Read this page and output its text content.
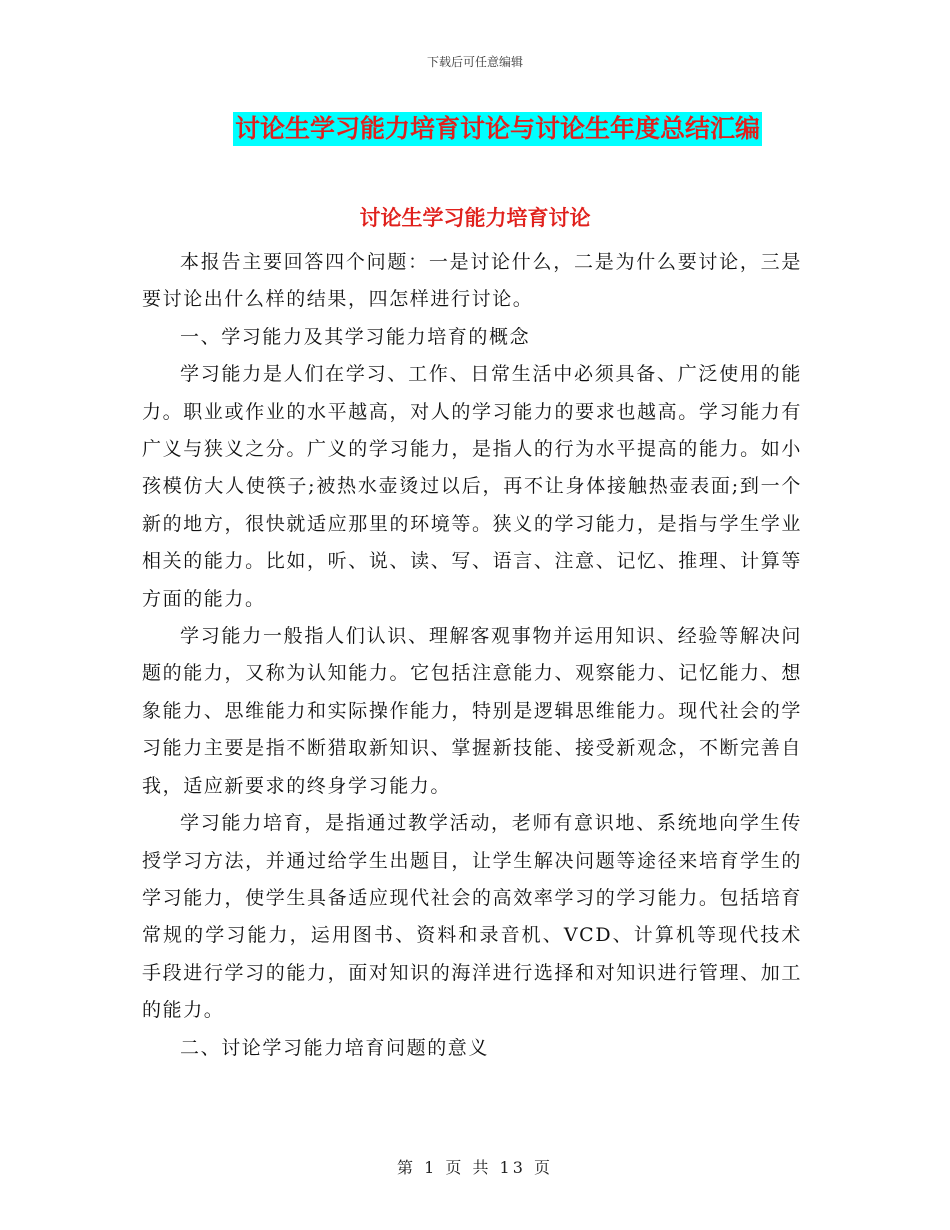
下载后可任意编辑
讨论生学习能力培育讨论与讨论生年度总结汇编
讨论生学习能力培育讨论

本报告主要回答四个问题：一是讨论什么，二是为什么要讨论，三是要讨论出什么样的结果，四怎样进行讨论。

一、学习能力及其学习能力培育的概念

学习能力是人们在学习、工作、日常生活中必须具备、广泛使用的能力。职业或作业的水平越高，对人的学习能力的要求也越高。学习能力有广义与狭义之分。广义的学习能力，是指人的行为水平提高的能力。如小孩模仿大人使筷子;被热水壶烫过以后，再不让身体接触热壶表面;到一个新的地方，很快就适应那里的环境等。狭义的学习能力，是指与学生学业相关的能力。比如，听、说、读、写、语言、注意、记忆、推理、计算等方面的能力。

学习能力一般指人们认识、理解客观事物并运用知识、经验等解决问题的能力，又称为认知能力。它包括注意能力、观察能力、记忆能力、想象能力、思维能力和实际操作能力，特别是逻辑思维能力。现代社会的学习能力主要是指不断猎取新知识、掌握新技能、接受新观念，不断完善自我，适应新要求的终身学习能力。

学习能力培育，是指通过教学活动，老师有意识地、系统地向学生传授学习方法，并通过给学生出题目，让学生解决问题等途径来培育学生的学习能力，使学生具备适应现代社会的高效率学习的学习能力。包括培育常规的学习能力，运用图书、资料和录音机、VCD、计算机等现代技术手段进行学习的能力，面对知识的海洋进行选择和对知识进行管理、加工的能力。

二、讨论学习能力培育问题的意义

第 1 页 共 13 页
